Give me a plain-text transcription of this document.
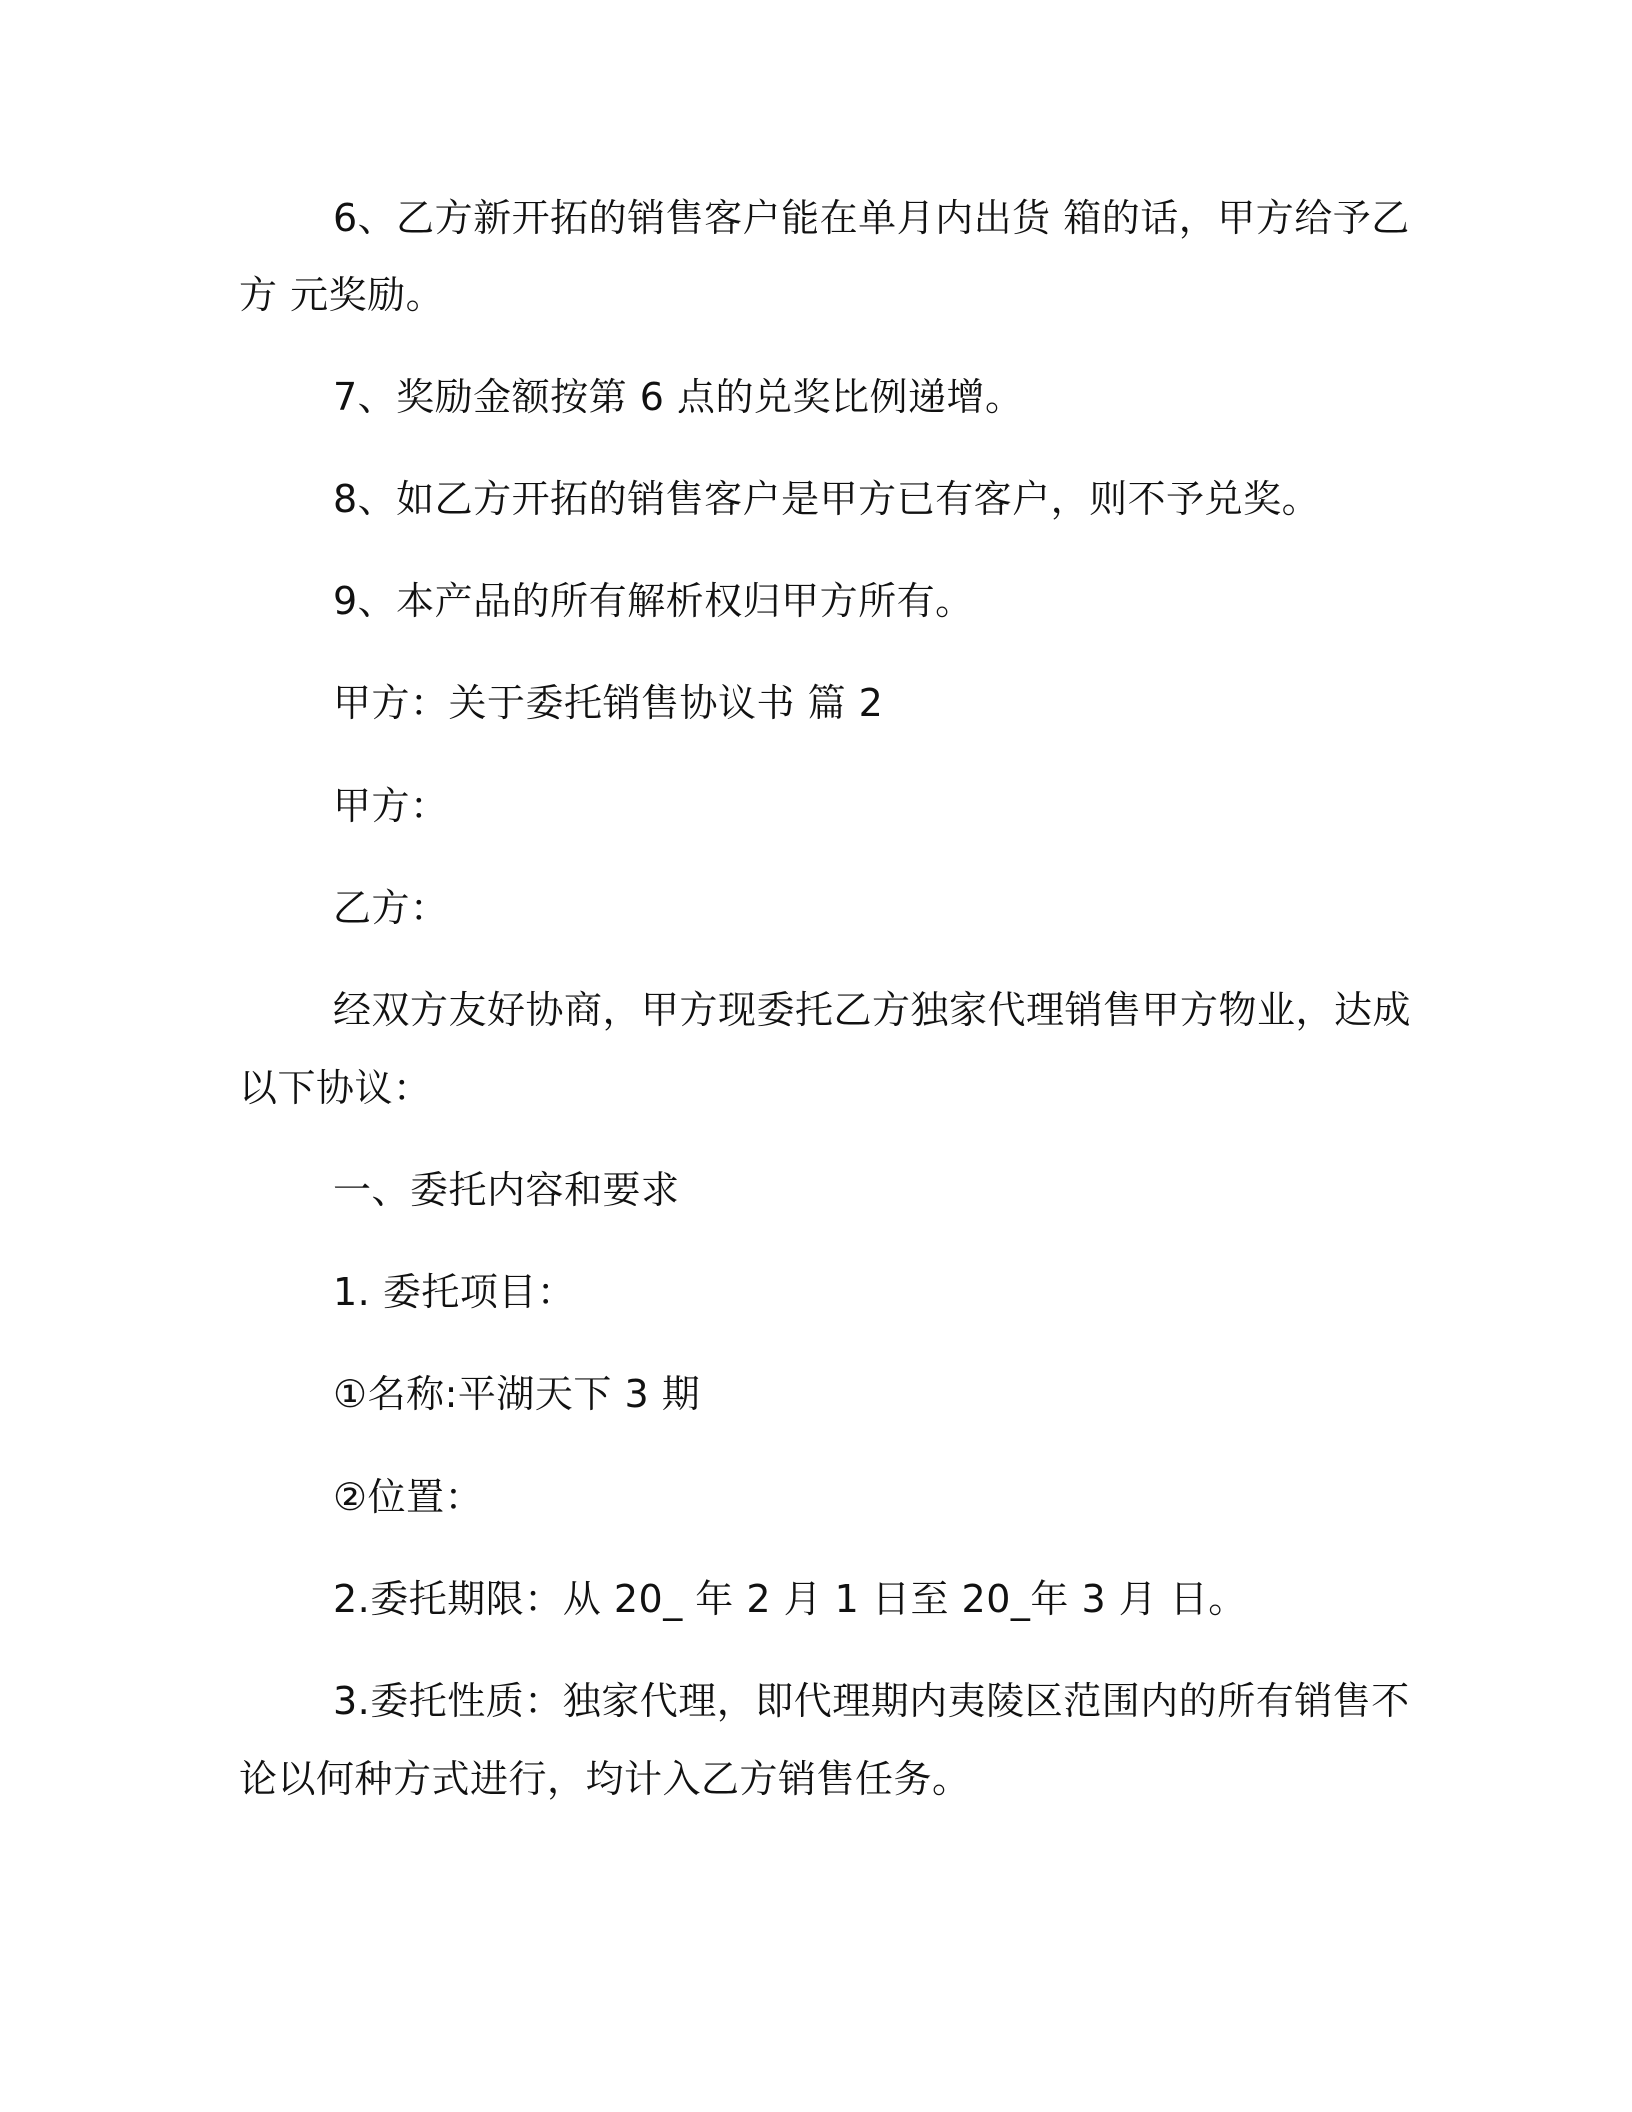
6、乙方新开拓的销售客户能在单月内出货 箱的话，甲方给予乙
方 元奖励。
7、奖励金额按第 6 点的兑奖比例递增。
8、如乙方开拓的销售客户是甲方已有客户，则不予兑奖。
9、本产品的所有解析权归甲方所有。
甲方：关于委托销售协议书 篇 2
甲方：
乙方：
经双方友好协商，甲方现委托乙方独家代理销售甲方物业，达成
以下协议：
一、委托内容和要求
1. 委托项目：
①名称:平湖天下 3 期
②位置：
2.委托期限：从 20_ 年 2 月 1 日至 20_年 3 月 日。
3.委托性质：独家代理，即代理期内夷陵区范围内的所有销售不
论以何种方式进行，均计入乙方销售任务。
